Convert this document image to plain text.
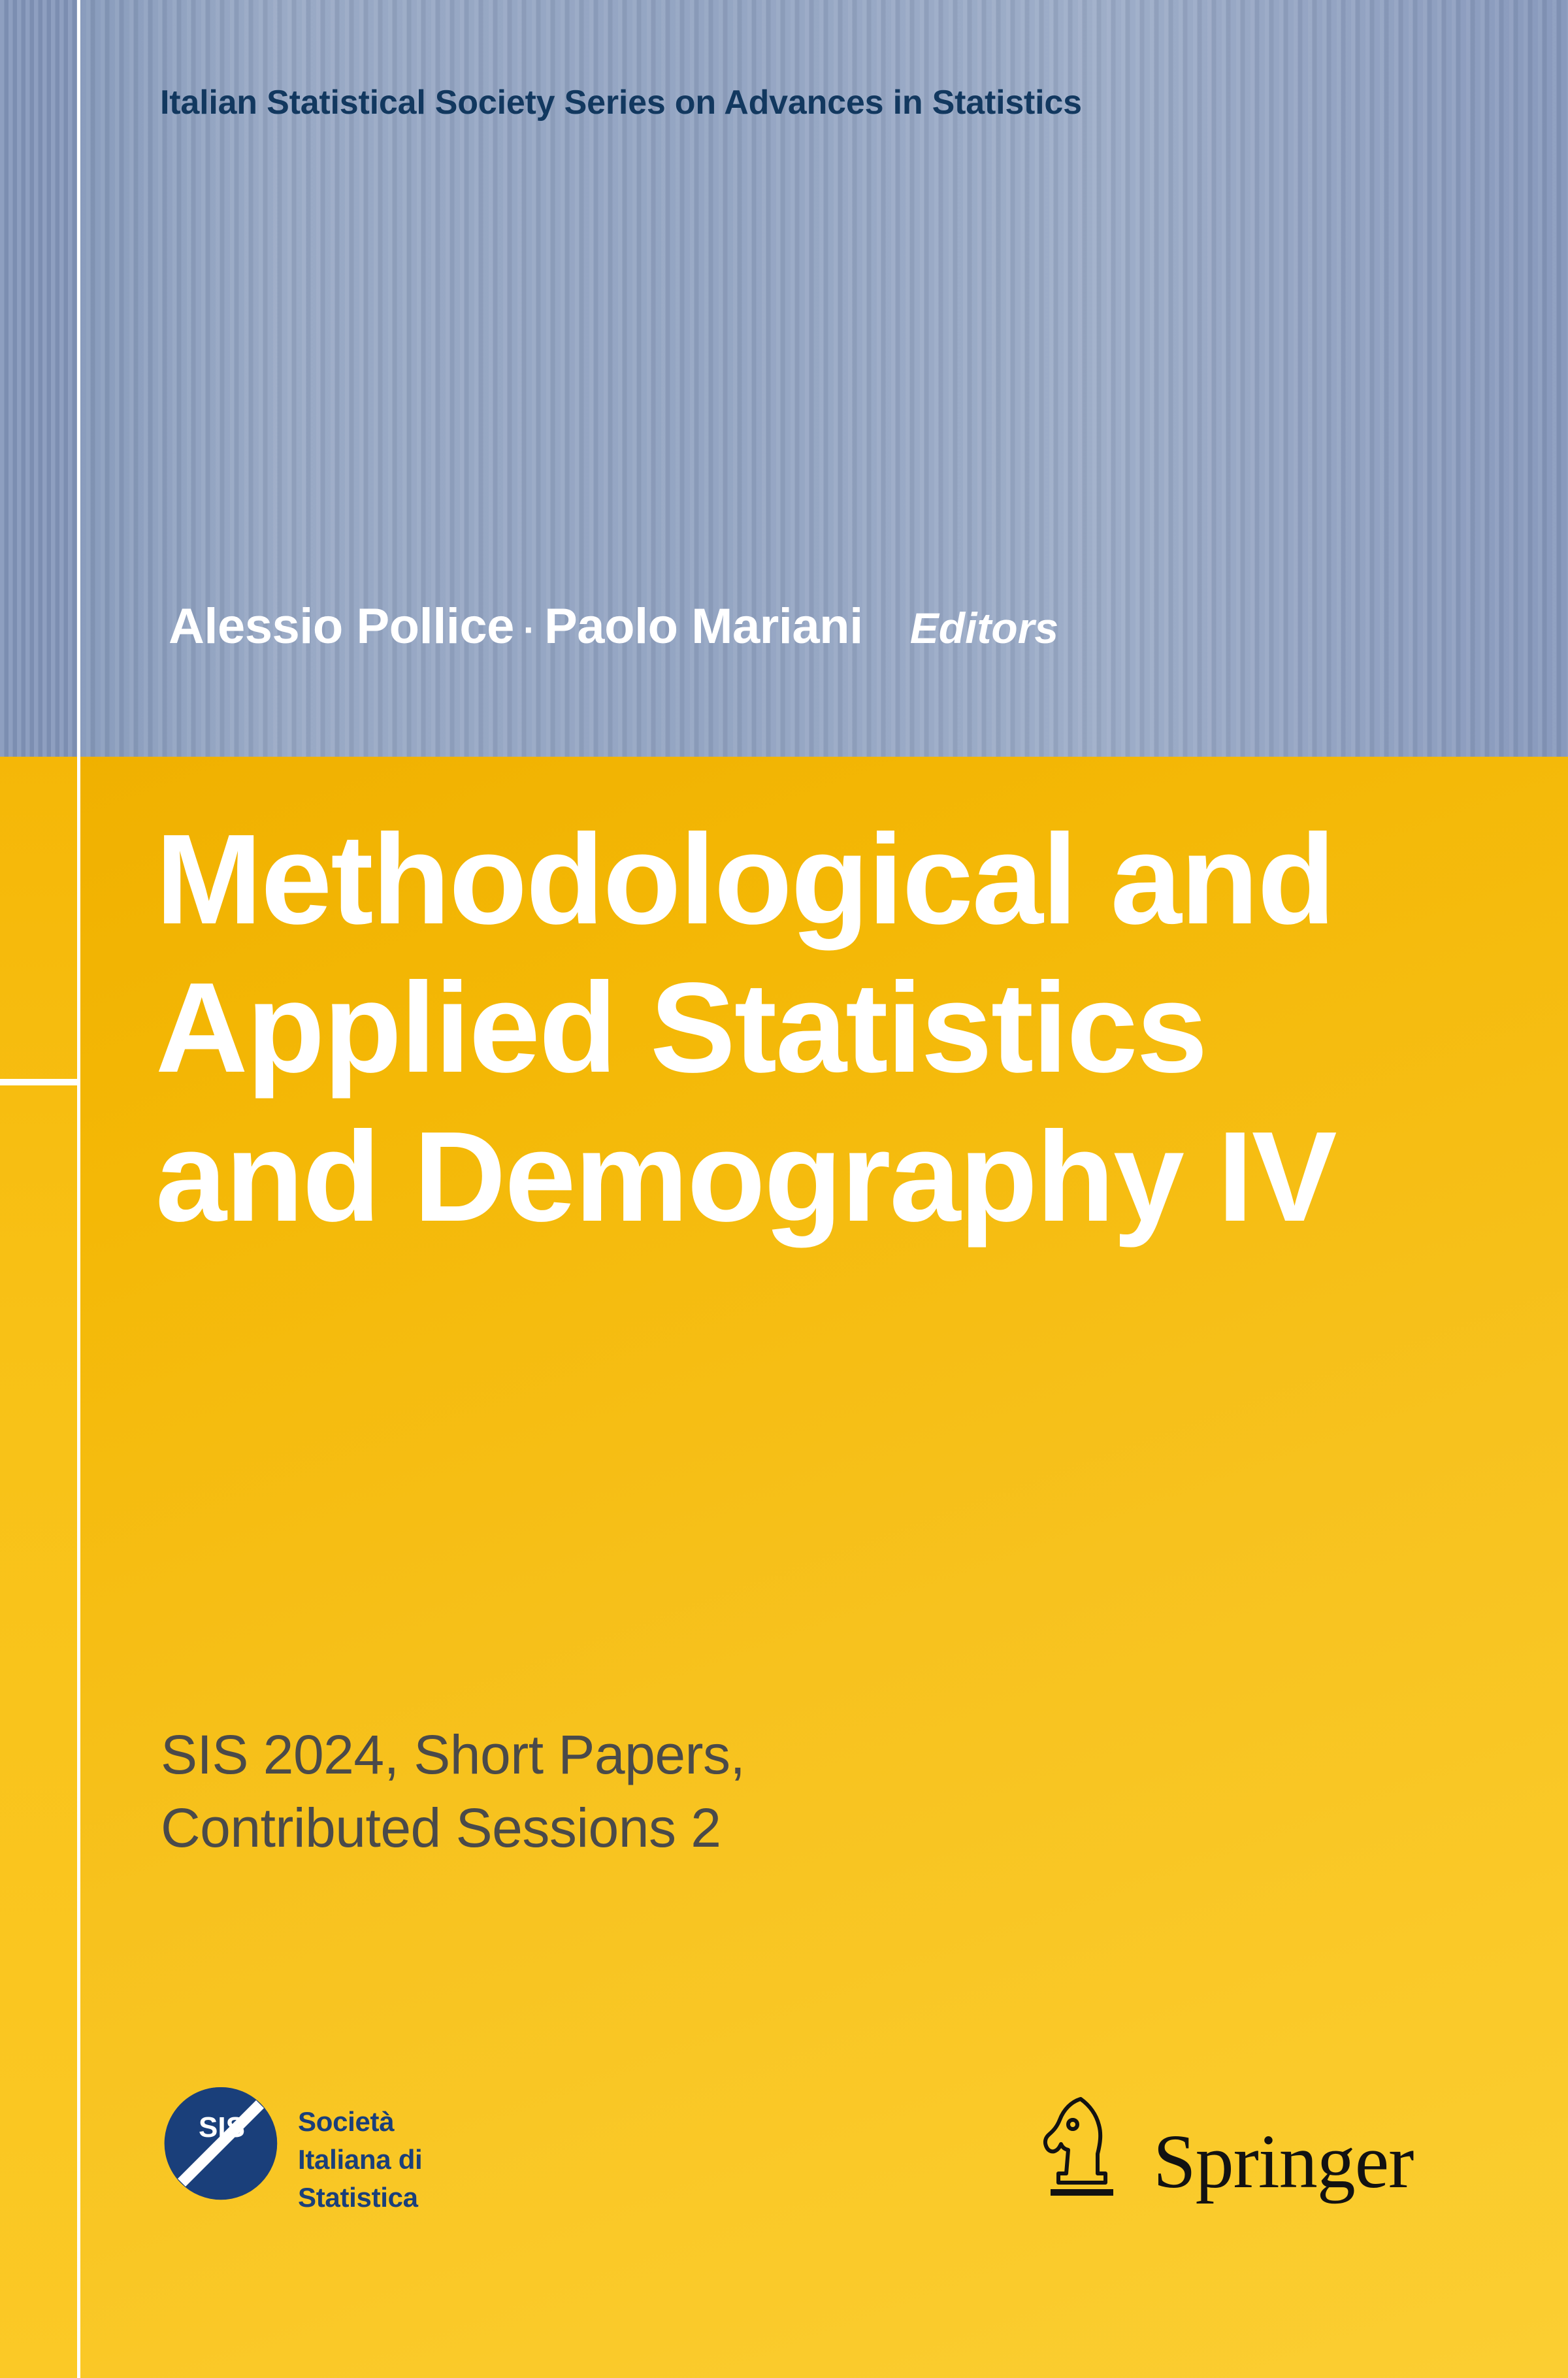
Italian Statistical Society Series on Advances in Statistics
Alessio Pollice · Paolo Mariani Editors
Methodological and Applied Statistics and Demography IV
SIS 2024, Short Papers,
Contributed Sessions 2
SIS Società
Italiana di
Statistica	Springer
